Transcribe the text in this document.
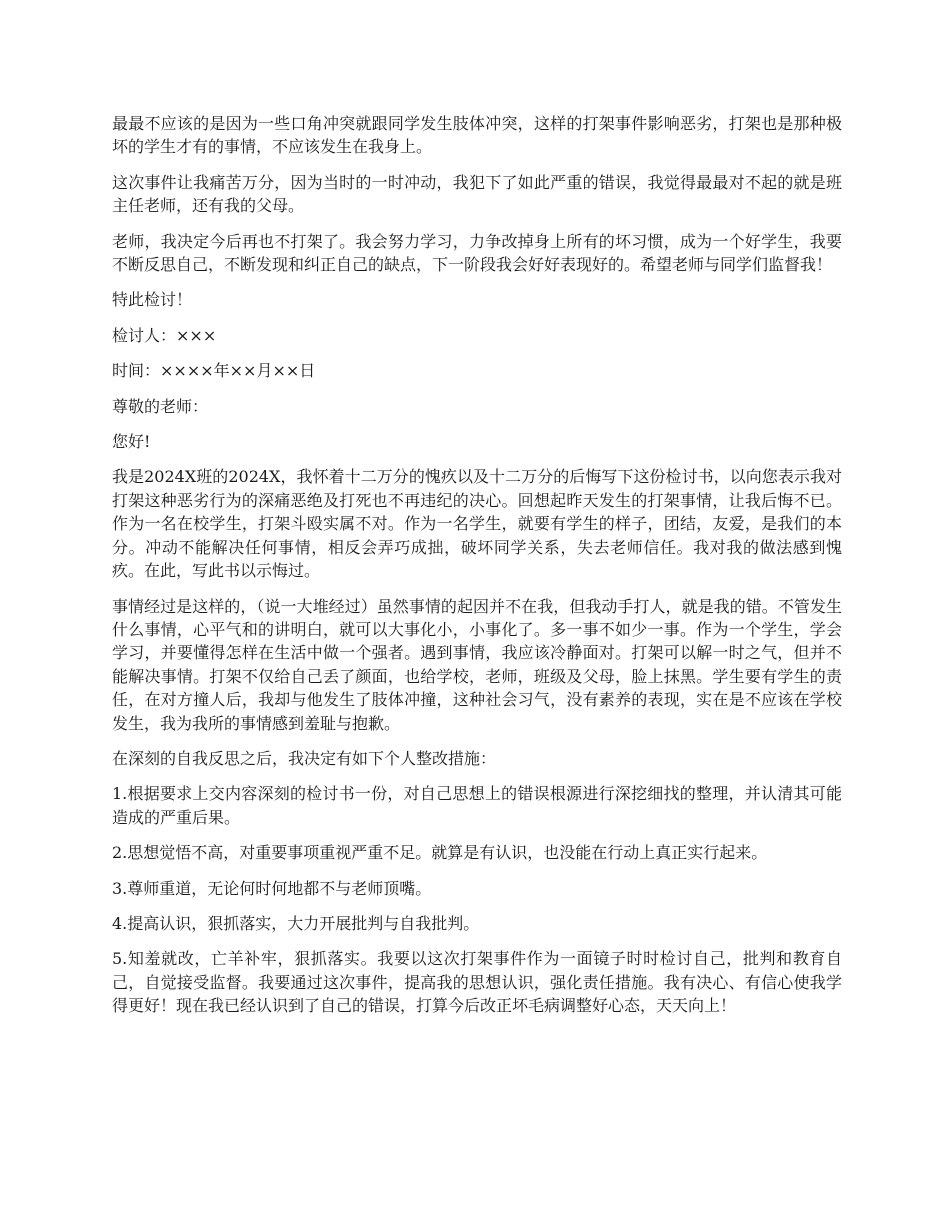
最最不应该的是因为一些口角冲突就跟同学发生肢体冲突，这样的打架事件影响恶劣，打架也是那种极坏的学生才有的事情，不应该发生在我身上。

这次事件让我痛苦万分，因为当时的一时冲动，我犯下了如此严重的错误，我觉得最最对不起的就是班主任老师，还有我的父母。

老师，我决定今后再也不打架了。我会努力学习，力争改掉身上所有的坏习惯，成为一个好学生，我要不断反思自己，不断发现和纠正自己的缺点，下一阶段我会好好表现好的。希望老师与同学们监督我！

特此检讨！

检讨人：×××

时间：××××年××月××日

尊敬的老师：

您好!

我是2024X班的2024X，我怀着十二万分的愧疚以及十二万分的后悔写下这份检讨书，以向您表示我对打架这种恶劣行为的深痛恶绝及打死也不再违纪的决心。回想起昨天发生的打架事情，让我后悔不已。作为一名在校学生，打架斗殴实属不对。作为一名学生，就要有学生的样子，团结，友爱，是我们的本分。冲动不能解决任何事情，相反会弄巧成拙，破坏同学关系，失去老师信任。我对我的做法感到愧疚。在此，写此书以示悔过。

事情经过是这样的，（说一大堆经过）虽然事情的起因并不在我，但我动手打人，就是我的错。不管发生什么事情，心平气和的讲明白，就可以大事化小，小事化了。多一事不如少一事。作为一个学生，学会学习，并要懂得怎样在生活中做一个强者。遇到事情，我应该冷静面对。打架可以解一时之气，但并不能解决事情。打架不仅给自己丢了颜面，也给学校，老师，班级及父母，脸上抹黑。学生要有学生的责任，在对方撞人后，我却与他发生了肢体冲撞，这种社会习气，没有素养的表现，实在是不应该在学校发生，我为我所的事情感到羞耻与抱歉。

在深刻的自我反思之后，我决定有如下个人整改措施：

1.根据要求上交内容深刻的检讨书一份，对自己思想上的错误根源进行深挖细找的整理，并认清其可能造成的严重后果。

2.思想觉悟不高，对重要事项重视严重不足。就算是有认识，也没能在行动上真正实行起来。

3.尊师重道，无论何时何地都不与老师顶嘴。

4.提高认识，狠抓落实，大力开展批判与自我批判。

5.知羞就改，亡羊补牢，狠抓落实。我要以这次打架事件作为一面镜子时时检讨自己，批判和教育自己，自觉接受监督。我要通过这次事件，提高我的思想认识，强化责任措施。我有决心、有信心使我学得更好！现在我已经认识到了自己的错误，打算今后改正坏毛病调整好心态，天天向上！
